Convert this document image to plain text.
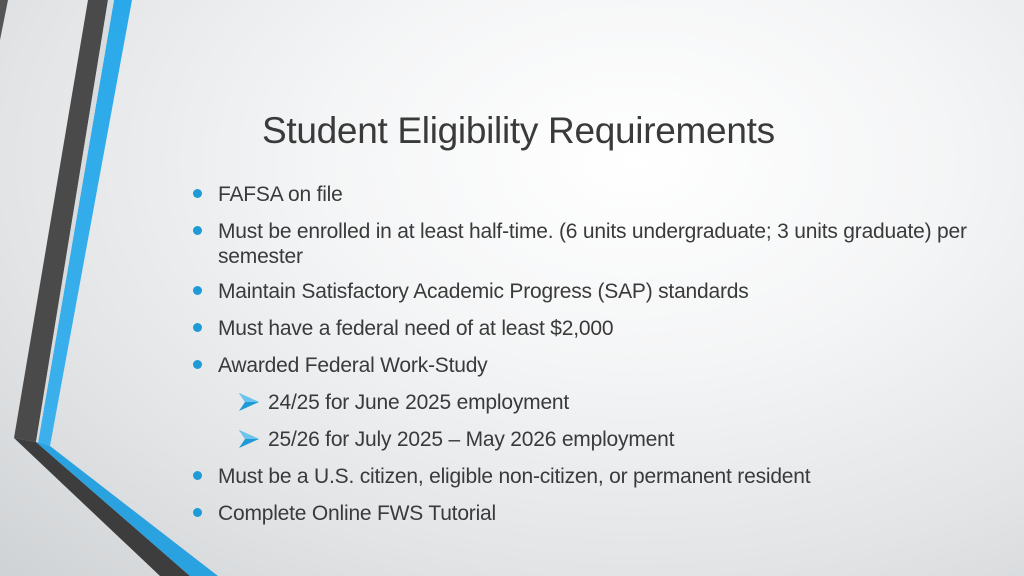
Student Eligibility Requirements
FAFSA on file
Must be enrolled in at least half-time. (6 units undergraduate; 3 units graduate) per semester
Maintain Satisfactory Academic Progress (SAP) standards
Must have a federal need of at least $2,000
Awarded Federal Work-Study
24/25 for June 2025 employment
25/26 for July 2025 – May 2026 employment
Must be a U.S. citizen, eligible non-citizen, or permanent resident
Complete Online FWS Tutorial
